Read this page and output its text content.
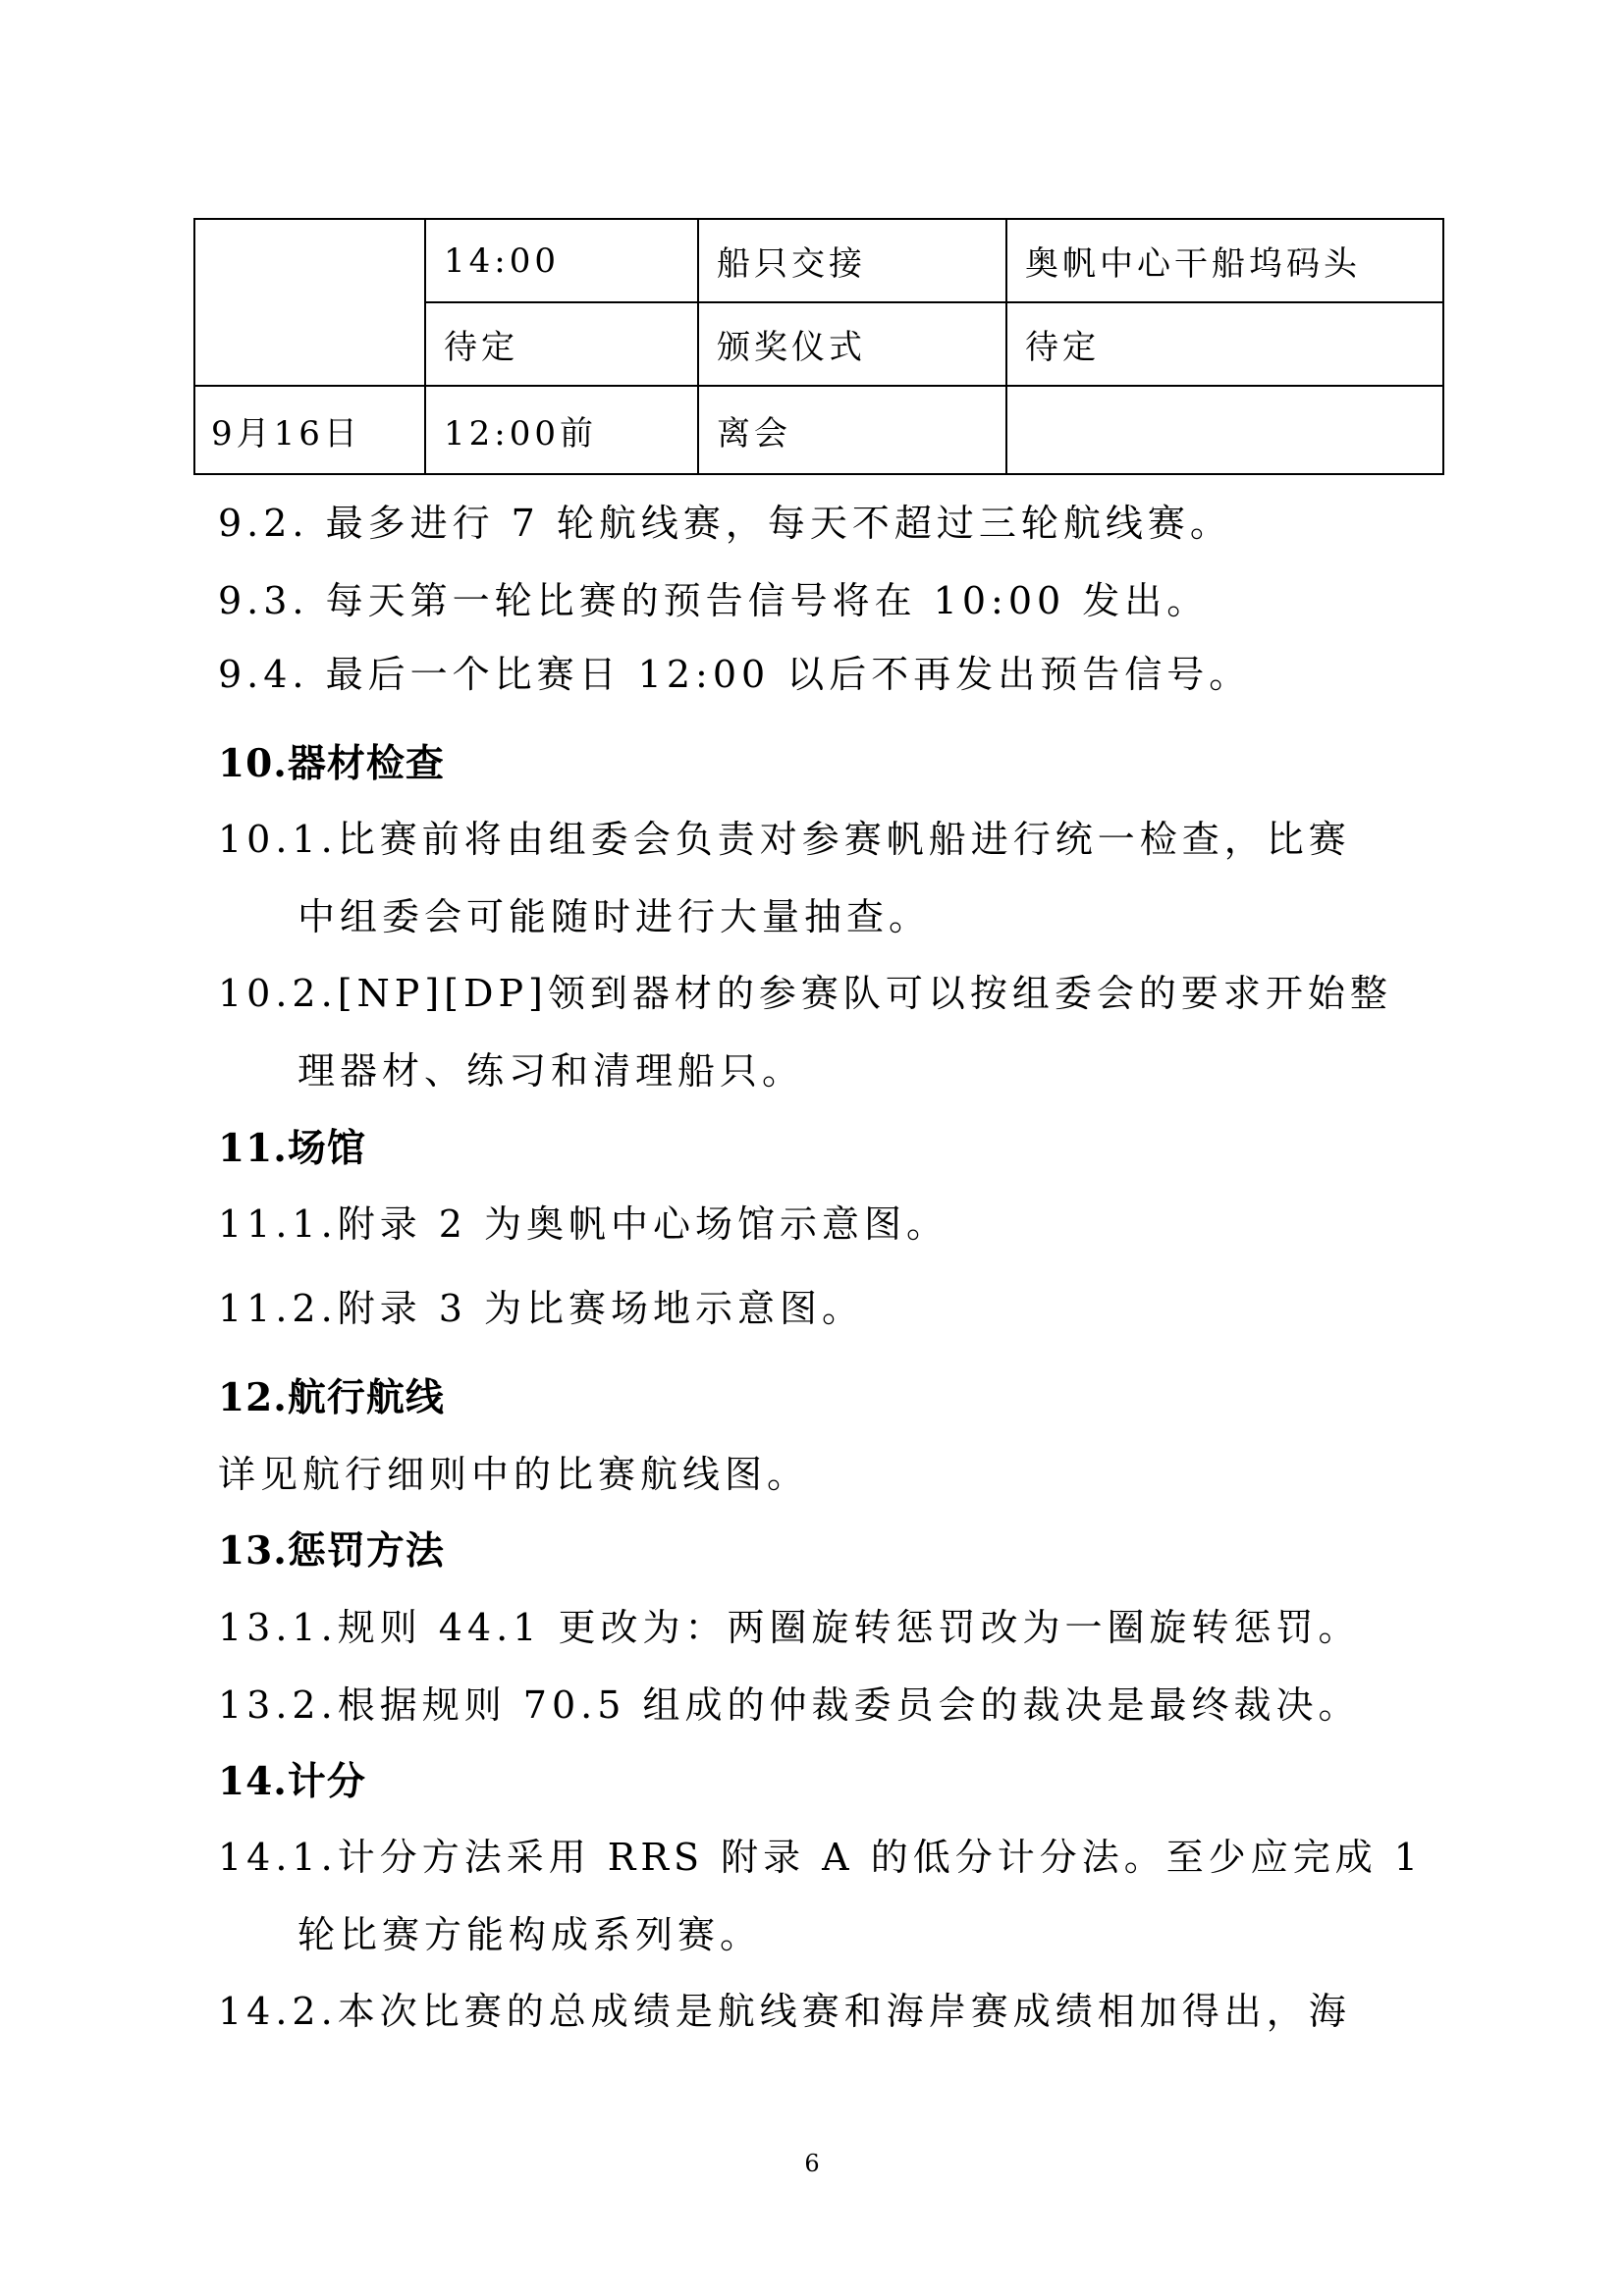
	14:00	船只交接	奥帆中心干船坞码头
	待定	颁奖仪式	待定
9月16日	12:00前	离会	
9.2. 最多进行 7 轮航线赛，每天不超过三轮航线赛。
9.3. 每天第一轮比赛的预告信号将在 10:00 发出。
9.4. 最后一个比赛日 12:00 以后不再发出预告信号。
10.器材检查
10.1.比赛前将由组委会负责对参赛帆船进行统一检查，比赛
中组委会可能随时进行大量抽查。
10.2.[NP][DP]领到器材的参赛队可以按组委会的要求开始整
理器材、练习和清理船只。
11.场馆
11.1.附录 2 为奥帆中心场馆示意图。
11.2.附录 3 为比赛场地示意图。
12.航行航线
详见航行细则中的比赛航线图。
13.惩罚方法
13.1.规则 44.1 更改为：两圈旋转惩罚改为一圈旋转惩罚。
13.2.根据规则 70.5 组成的仲裁委员会的裁决是最终裁决。
14.计分
14.1.计分方法采用 RRS 附录 A 的低分计分法。至少应完成 1
轮比赛方能构成系列赛。
14.2.本次比赛的总成绩是航线赛和海岸赛成绩相加得出，海
6
